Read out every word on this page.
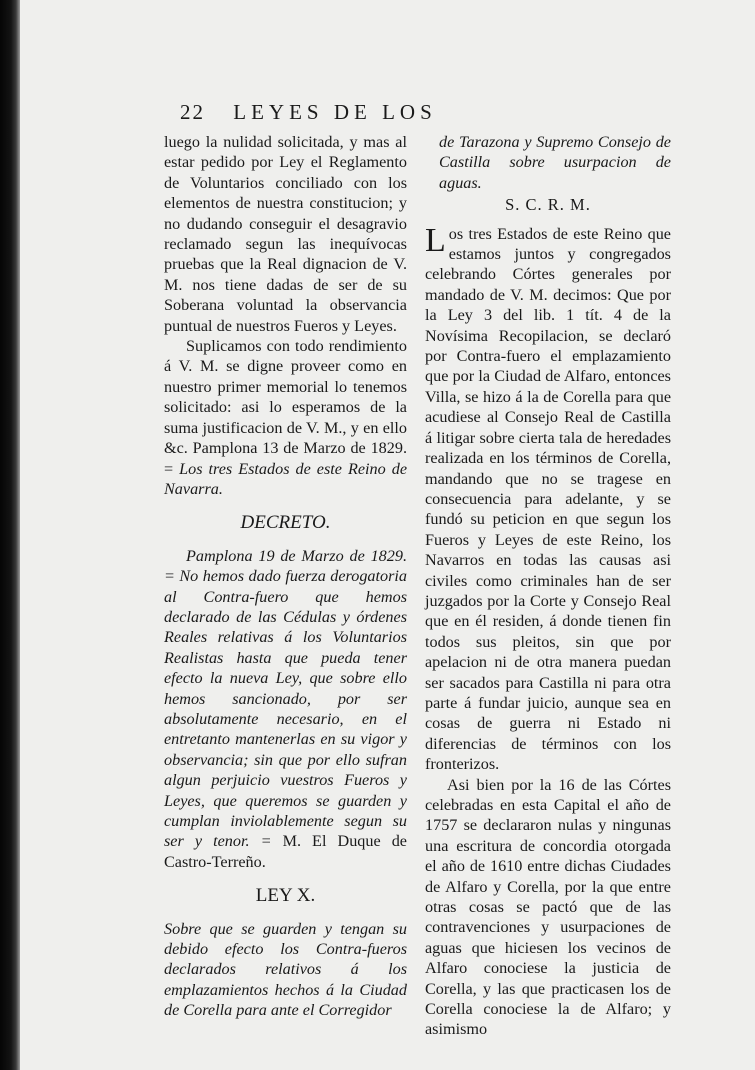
22 LEYES DE LOS

luego la nulidad solicitada, y mas al estar pedido por Ley el Reglamento de Voluntarios conciliado con los elementos de nuestra constitucion; y no dudando conseguir el desagravio reclamado segun las inequívocas pruebas que la Real dignacion de V. M. nos tiene dadas de ser de su Soberana voluntad la observancia puntual de nuestros Fueros y Leyes.

Suplicamos con todo rendimiento á V. M. se digne proveer como en nuestro primer memorial lo tenemos solicitado: asi lo esperamos de la suma justificacion de V. M., y en ello &c. Pamplona 13 de Marzo de 1829. = Los tres Estados de este Reino de Navarra.

DECRETO.

Pamplona 19 de Marzo de 1829. = No hemos dado fuerza derogatoria al Contra-fuero que hemos declarado de las Cédulas y órdenes Reales relativas á los Voluntarios Realistas hasta que pueda tener efecto la nueva Ley, que sobre ello hemos sancionado, por ser absolutamente necesario, en el entretanto mantenerlas en su vigor y observancia; sin que por ello sufran algun perjuicio vuestros Fueros y Leyes, que queremos se guarden y cumplan inviolablemente segun su ser y tenor. = M. El Duque de Castro-Terreño.

LEY X.

Sobre que se guarden y tengan su debido efecto los Contra-fueros declarados relativos á los emplazamientos hechos á la Ciudad de Corella para ante el Corregidor

de Tarazona y Supremo Consejo de Castilla sobre usurpacion de aguas.

S. C. R. M.

Los tres Estados de este Reino que estamos juntos y congregados celebrando Córtes generales por mandado de V. M. decimos: Que por la Ley 3 del lib. 1 tít. 4 de la Novísima Recopilacion, se declaró por Contra-fuero el emplazamiento que por la Ciudad de Alfaro, entonces Villa, se hizo á la de Corella para que acudiese al Consejo Real de Castilla á litigar sobre cierta tala de heredades realizada en los términos de Corella, mandando que no se tragese en consecuencia para adelante, y se fundó su peticion en que segun los Fueros y Leyes de este Reino, los Navarros en todas las causas asi civiles como criminales han de ser juzgados por la Corte y Consejo Real que en él residen, á donde tienen fin todos sus pleitos, sin que por apelacion ni de otra manera puedan ser sacados para Castilla ni para otra parte á fundar juicio, aunque sea en cosas de guerra ni Estado ni diferencias de términos con los fronterizos.

Asi bien por la 16 de las Córtes celebradas en esta Capital el año de 1757 se declararon nulas y ningunas una escritura de concordia otorgada el año de 1610 entre dichas Ciudades de Alfaro y Corella, por la que entre otras cosas se pactó que de las contravenciones y usurpaciones de aguas que hiciesen los vecinos de Alfaro conociese la justicia de Corella, y las que practicasen los de Corella conociese la de Alfaro; y asimismo
